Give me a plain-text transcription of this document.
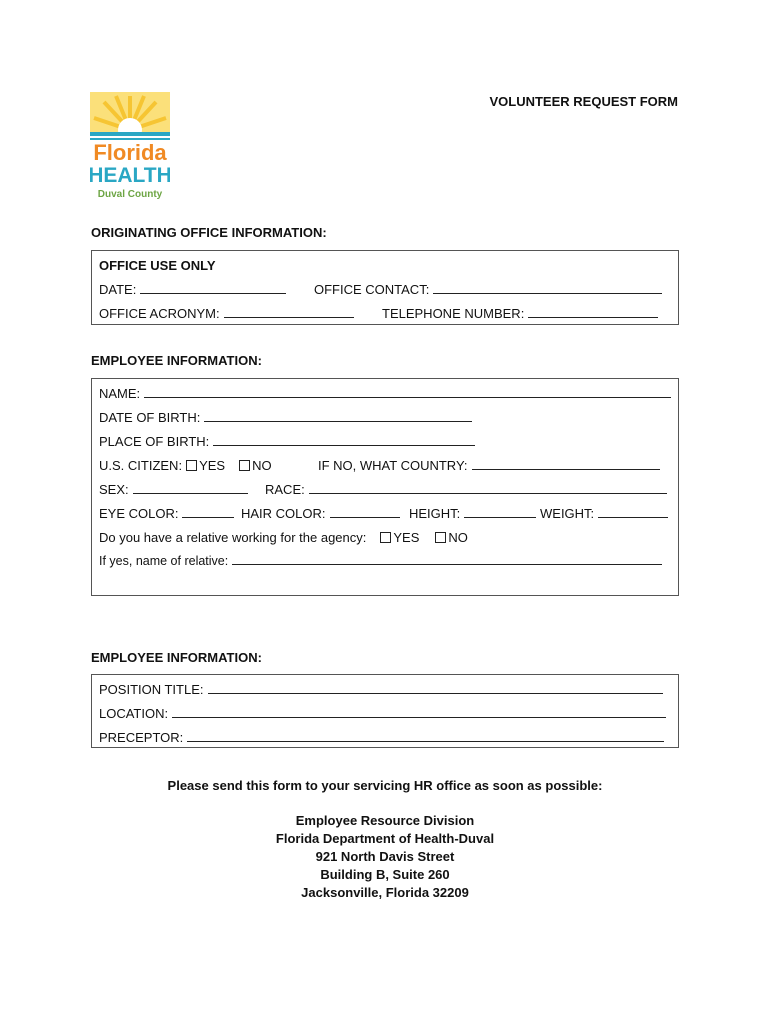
VOLUNTEER REQUEST FORM
Florida
HEALTH
Duval County
ORIGINATING OFFICE INFORMATION:
OFFICE USE ONLY
DATE:	OFFICE CONTACT:
OFFICE ACRONYM:	TELEPHONE NUMBER:
EMPLOYEE INFORMATION:
NAME:
DATE OF BIRTH:
PLACE OF BIRTH:
U.S. CITIZEN: YES NO	IF NO, WHAT COUNTRY:
SEX:	RACE:
EYE COLOR:	HAIR COLOR:	HEIGHT:	WEIGHT:
Do you have a relative working for the agency: YES NO
If yes, name of relative:
EMPLOYEE INFORMATION:
POSITION TITLE:
LOCATION:
PRECEPTOR:
Please send this form to your servicing HR office as soon as possible:
Employee Resource Division
Florida Department of Health-Duval
921 North Davis Street
Building B, Suite 260
Jacksonville, Florida 32209
